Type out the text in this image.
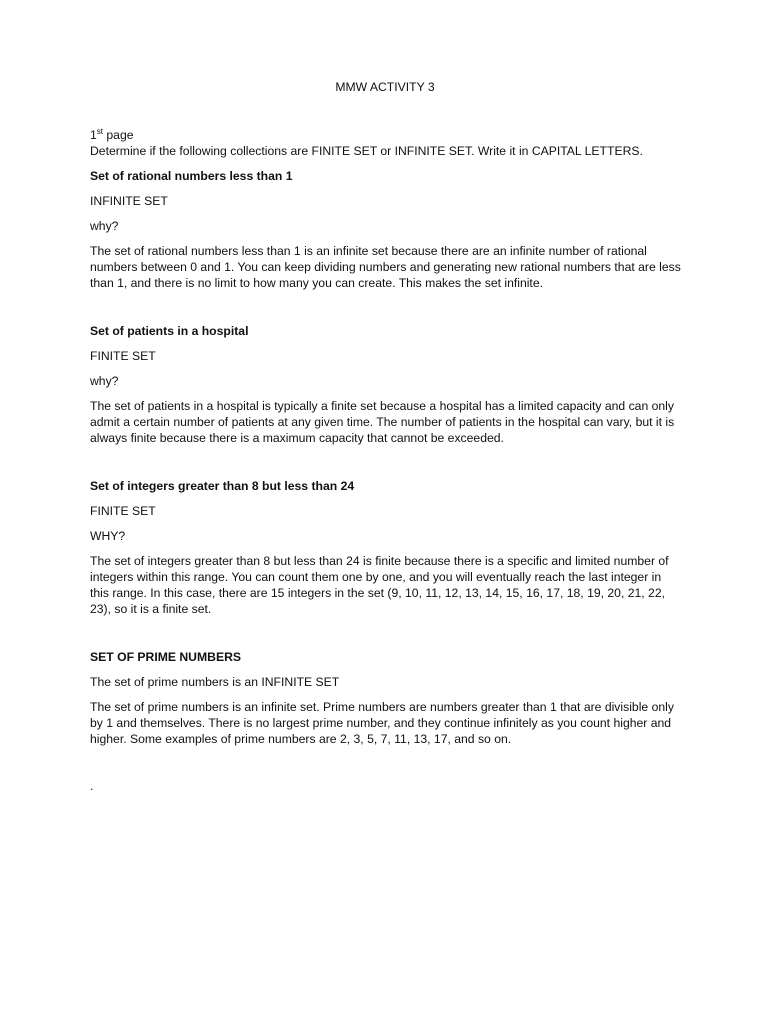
MMW ACTIVITY 3
1st page
Determine if the following collections are FINITE SET or INFINITE SET. Write it in CAPITAL LETTERS.
Set of rational numbers less than 1
INFINITE SET
why?
The set of rational numbers less than 1 is an infinite set because there are an infinite number of rational numbers between 0 and 1. You can keep dividing numbers and generating new rational numbers that are less than 1, and there is no limit to how many you can create. This makes the set infinite.
Set of patients in a hospital
FINITE SET
why?
The set of patients in a hospital is typically a finite set because a hospital has a limited capacity and can only admit a certain number of patients at any given time. The number of patients in the hospital can vary, but it is always finite because there is a maximum capacity that cannot be exceeded.
Set of integers greater than 8 but less than 24
FINITE SET
WHY?
The set of integers greater than 8 but less than 24 is finite because there is a specific and limited number of integers within this range. You can count them one by one, and you will eventually reach the last integer in this range. In this case, there are 15 integers in the set (9, 10, 11, 12, 13, 14, 15, 16, 17, 18, 19, 20, 21, 22, 23), so it is a finite set.
SET OF PRIME NUMBERS
The set of prime numbers is an INFINITE SET
The set of prime numbers is an infinite set. Prime numbers are numbers greater than 1 that are divisible only by 1 and themselves. There is no largest prime number, and they continue infinitely as you count higher and higher. Some examples of prime numbers are 2, 3, 5, 7, 11, 13, 17, and so on.
.
